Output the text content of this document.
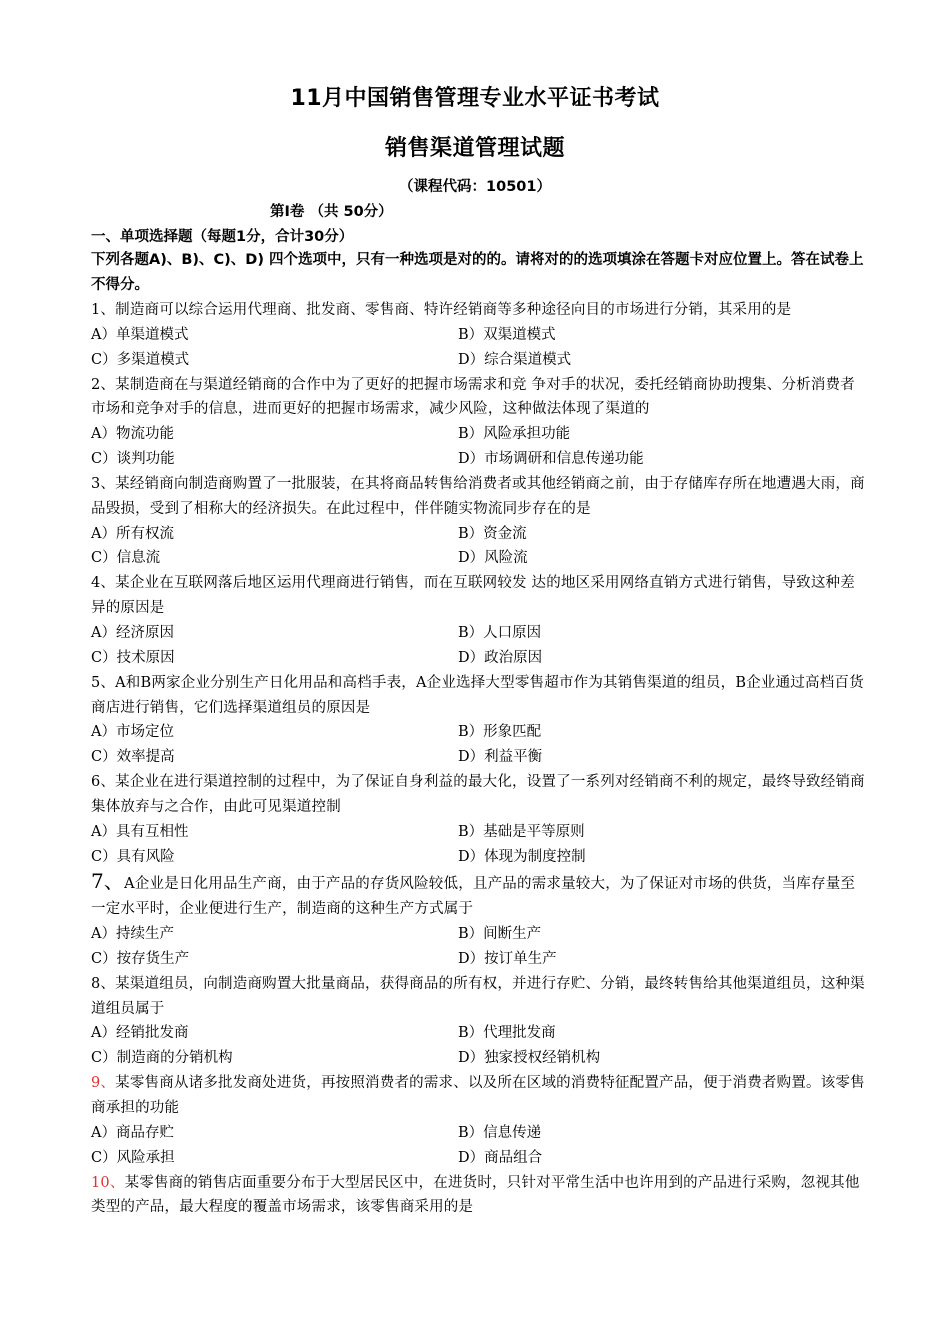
11月中国销售管理专业水平证书考试
销售渠道管理试题
（课程代码：10501）
第Ⅰ卷 （共 50分）
一、单项选择题（每题1分，合计30分）
下列各题A)、B)、C)、D) 四个选项中，只有一种选项是对的的。请将对的的选项填涂在答题卡对应位置上。答在试卷上不得分。

1、制造商可以综合运用代理商、批发商、零售商、特许经销商等多种途径向目的市场进行分销，其采用的是

A）单渠道模式	B）双渠道模式
C）多渠道模式	D）综合渠道模式

2、某制造商在与渠道经销商的合作中为了更好的把握市场需求和竞 争对手的状况，委托经销商协助搜集、分析消费者市场和竞争对手的信息，进而更好的把握市场需求，减少风险，这种做法体现了渠道的

A）物流功能	B）风险承担功能
C）谈判功能	D）市场调研和信息传递功能

3、某经销商向制造商购置了一批服装，在其将商品转售给消费者或其他经销商之前，由于存储库存所在地遭遇大雨，商品毁损，受到了相称大的经济损失。在此过程中，伴伴随实物流同步存在的是

A）所有权流	B）资金流
C）信息流	D）风险流

4、某企业在互联网落后地区运用代理商进行销售，而在互联网较发 达的地区采用网络直销方式进行销售，导致这种差异的原因是

A）经济原因	B）人口原因
C）技术原因	D）政治原因

5、A和B两家企业分别生产日化用品和高档手表，A企业选择大型零售超市作为其销售渠道的组员，B企业通过高档百货商店进行销售，它们选择渠道组员的原因是

A）市场定位	B）形象匹配
C）效率提高	D）利益平衡

6、某企业在进行渠道控制的过程中，为了保证自身利益的最大化，设置了一系列对经销商不利的规定，最终导致经销商集体放弃与之合作，由此可见渠道控制

A）具有互相性	B）基础是平等原则
C）具有风险	D）体现为制度控制

7、A企业是日化用品生产商，由于产品的存货风险较低，且产品的需求量较大，为了保证对市场的供货，当库存量至一定水平时，企业便进行生产，制造商的这种生产方式属于

A）持续生产	B）间断生产
C）按存货生产	D）按订单生产

8、某渠道组员，向制造商购置大批量商品，获得商品的所有权，并进行存贮、分销，最终转售给其他渠道组员，这种渠道组员属于

A）经销批发商	B）代理批发商
C）制造商的分销机构	D）独家授权经销机构

9、某零售商从诸多批发商处进货，再按照消费者的需求、以及所在区域的消费特征配置产品，便于消费者购置。该零售商承担的功能

A）商品存贮	B）信息传递
C）风险承担	D）商品组合

10、某零售商的销售店面重要分布于大型居民区中，在进货时，只针对平常生活中也许用到的产品进行采购，忽视其他类型的产品，最大程度的覆盖市场需求，该零售商采用的是
